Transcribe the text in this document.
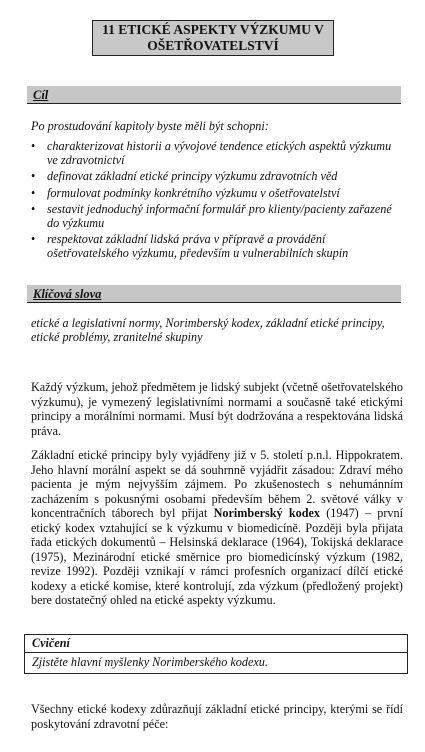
11 ETICKÉ ASPEKTY VÝZKUMU V
OŠETŘOVATELSTVÍ
Cíl
Po prostudování kapitoly byste měli být schopni:
• charakterizovat historii a vývojové tendence etických aspektů výzkumu ve zdravotnictví
• definovat základní etické principy výzkumu zdravotních věd
• formulovat podmínky konkrétního výzkumu v ošetřovatelství
• sestavit jednoduchý informační formulář pro klienty/pacienty zařazené do výzkumu
• respektovat základní lidská práva v přípravě a provádění ošetřovatelského výzkumu, především u vulnerabilních skupin
Klíčová slova
etické a legislativní normy, Norimberský kodex, základní etické principy, etické problémy, zranitelné skupiny
Každý výzkum, jehož předmětem je lidský subjekt (včetně ošetřovatelského výzkumu), je vymezený legislativními normami a současně také etickými principy a morálními normami. Musí být dodržována a respektována lidská práva.
Základní etické principy byly vyjádřeny již v 5. století p.n.l. Hippokratem. Jeho hlavní morální aspekt se dá souhrnně vyjádřit zásadou: Zdraví mého pacienta je mým nejvyšším zájmem. Po zkušenostech s nehumánním zacházením s pokusnými osobami především během 2. světové války v koncentračních táborech byl přijat Norimberský kodex (1947) – první etický kodex vztahující se k výzkumu v biomedicíně. Později byla přijata řada etických dokumentů – Helsinská deklarace (1964), Tokijská deklarace (1975), Mezinárodní etické směrnice pro biomedicínský výzkum (1982, revize 1992). Později vznikají v rámci profesních organizací dílčí etické kodexy a etické komise, které kontrolují, zda výzkum (předložený projekt) bere dostatečný ohled na etické aspekty výzkumu.
Cvičení
Zjistěte hlavní myšlenky Norimberského kodexu.
Všechny etické kodexy zdůrazňují základní etické principy, kterými se řídí poskytování zdravotní péče:
